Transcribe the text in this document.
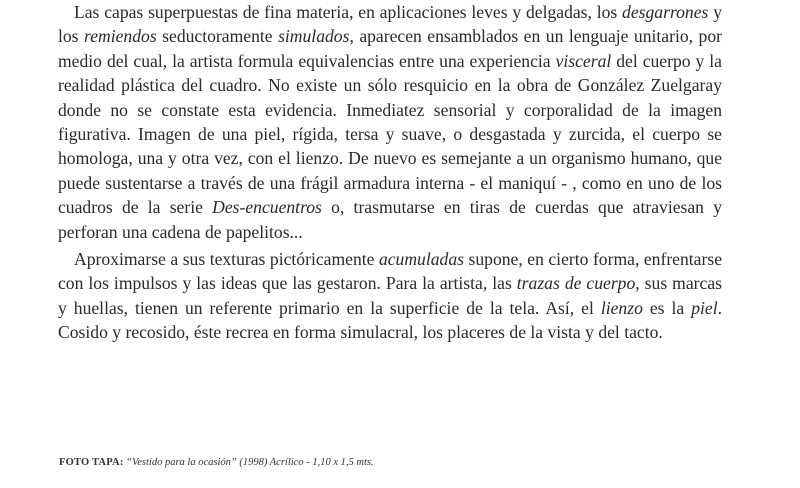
Las capas superpuestas de fina materia, en aplicaciones leves y delgadas, los desgarrones y los remiendos seductoramente simulados, aparecen ensamblados en un lenguaje unitario, por medio del cual, la artista formula equivalencias entre una experiencia visceral del cuerpo y la realidad plástica del cuadro. No existe un sólo resquicio en la obra de González Zuelgaray donde no se constate esta evidencia. Inmediatez sensorial y corporalidad de la imagen figurativa. Imagen de una piel, rígida, tersa y suave, o desgastada y zurcida, el cuerpo se homologa, una y otra vez, con el lienzo. De nuevo es semejante a un organismo humano, que puede sustentarse a través de una frágil armadura interna - el maniquí - , como en uno de los cuadros de la serie Des-encuentros o, trasmutarse en tiras de cuerdas que atraviesan y perforan una cadena de papelitos...

Aproximarse a sus texturas pictóricamente acumuladas supone, en cierto forma, enfrentarse con los impulsos y las ideas que las gestaron. Para la artista, las trazas de cuerpo, sus marcas y huellas, tienen un referente primario en la superficie de la tela. Así, el lienzo es la piel. Cosido y recosido, éste recrea en forma simulacral, los placeres de la vista y del tacto.

FOTO TAPA: “Vestido para la ocasión” (1998) Acrílico - 1,10 x 1,5 mts.
